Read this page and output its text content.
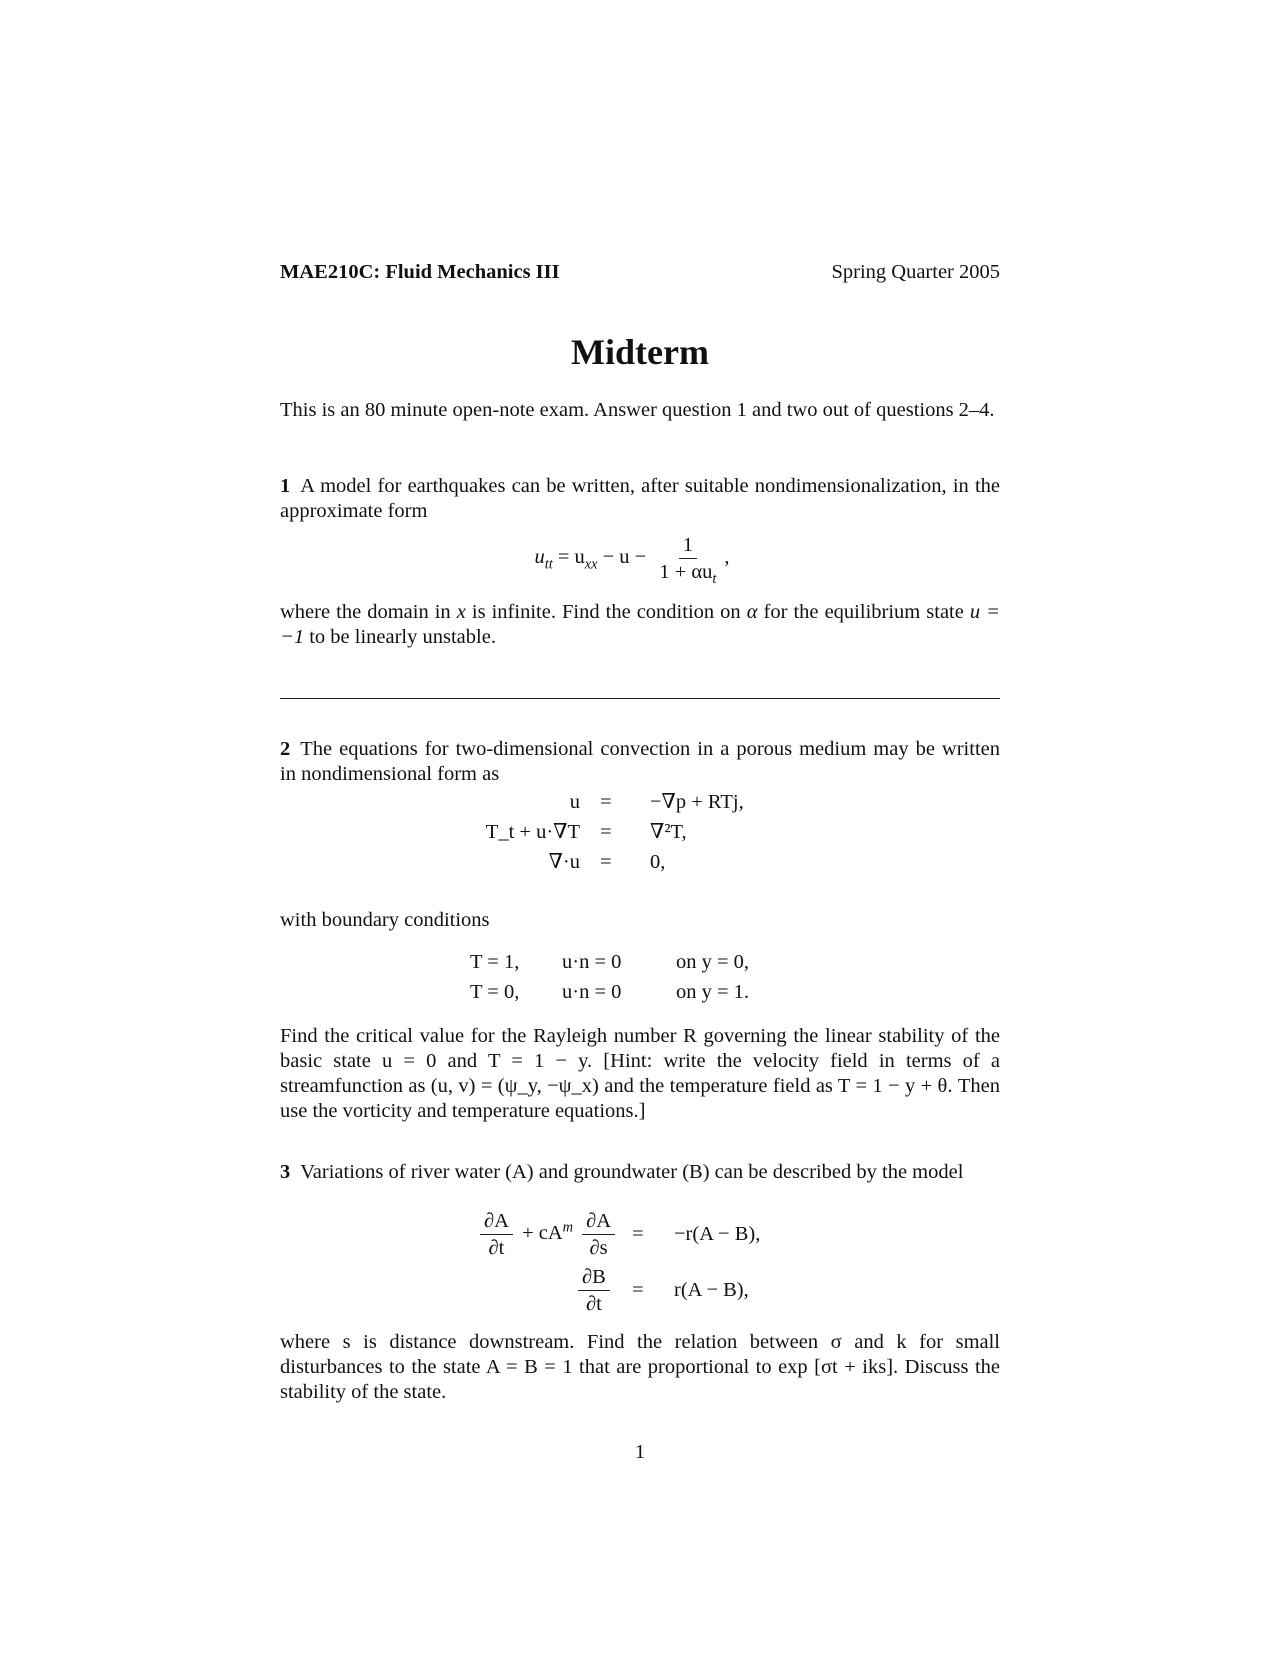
MAE210C: Fluid Mechanics III	Spring Quarter 2005
Midterm
This is an 80 minute open-note exam. Answer question 1 and two out of questions 2–4.
1 A model for earthquakes can be written, after suitable nondimensionalization, in the approximate form
$u_{tt} = u_{xx} - u - \frac{1}{1 + \alpha u_t}$ ,
where the domain in x is infinite. Find the condition on α for the equilibrium state u = −1 to be linearly unstable.
2 The equations for two-dimensional convection in a porous medium may be written in nondimensional form as
u = −∇p + RTj,
T_t + u·∇T = ∇²T,
∇·u = 0,
with boundary conditions
T = 1, u·n = 0	on y = 0,
T = 0, u·n = 0	on y = 1.
Find the critical value for the Rayleigh number R governing the linear stability of the basic state u = 0 and T = 1 − y. [Hint: write the velocity field in terms of a streamfunction as (u, v) = (ψ_y, −ψ_x) and the temperature field as T = 1 − y + θ. Then use the vorticity and temperature equations.]
3 Variations of river water (A) and groundwater (B) can be described by the model
$\frac{\partial A}{\partial t} + cA^m \frac{\partial A}{\partial s} = -r(A - B)$,
$\frac{\partial B}{\partial t} = r(A - B)$,
where s is distance downstream. Find the relation between σ and k for small disturbances to the state A = B = 1 that are proportional to exp [σt + iks]. Discuss the stability of the state.
1
